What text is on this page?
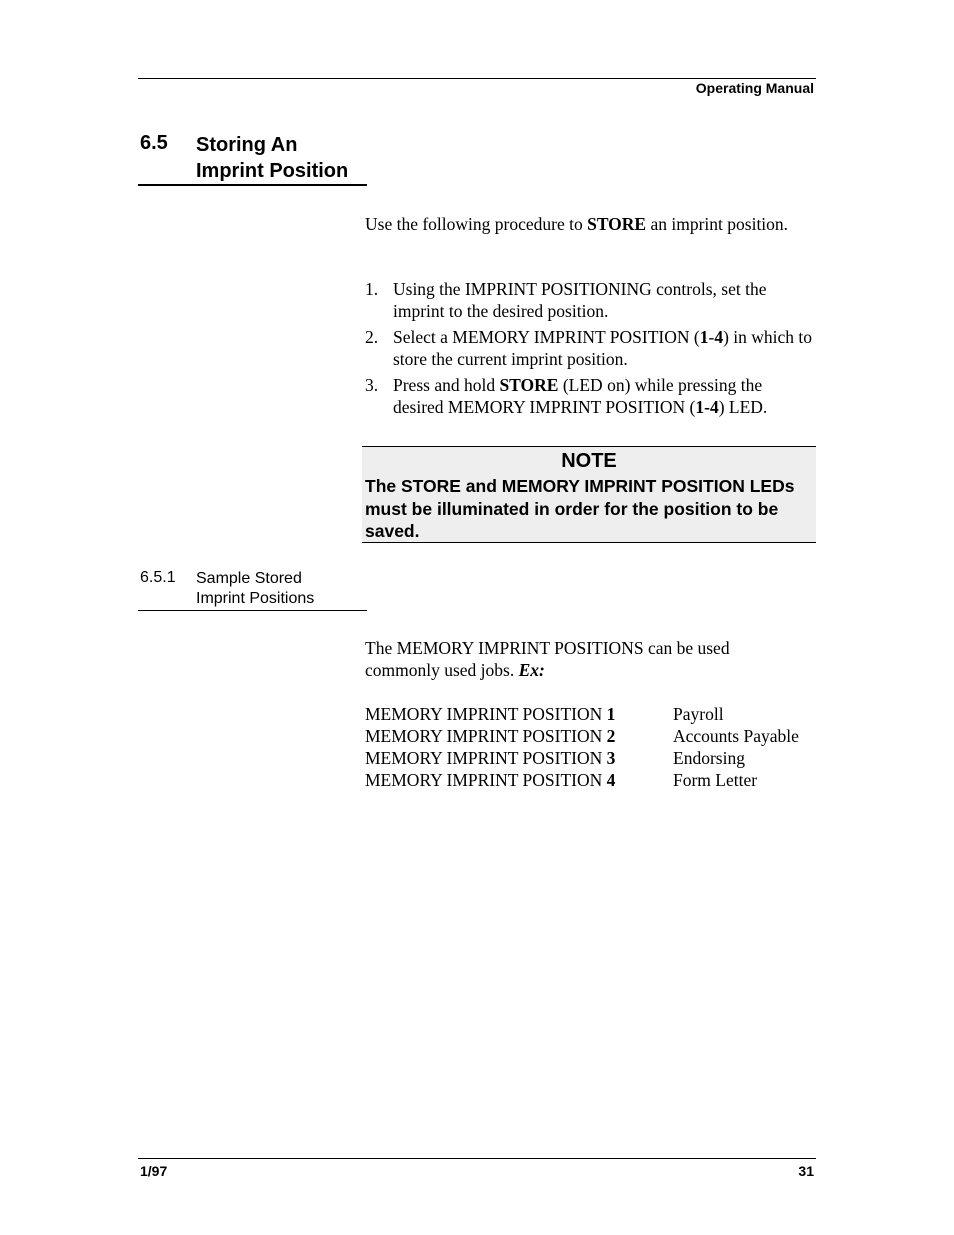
Operating Manual
6.5 Storing An
Imprint Position
Use the following procedure to STORE an imprint position.
1. Using the IMPRINT POSITIONING controls, set the imprint to the desired position.
2. Select a MEMORY IMPRINT POSITION (1-4) in which to store the current imprint position.
3. Press and hold STORE (LED on) while pressing the desired MEMORY IMPRINT POSITION (1-4) LED.
NOTE
The STORE and MEMORY IMPRINT POSITION LEDs must be illuminated in order for the position to be saved.
6.5.1 Sample Stored
Imprint Positions
The MEMORY IMPRINT POSITIONS can be used commonly used jobs. Ex:
MEMORY IMPRINT POSITION 1	Payroll
MEMORY IMPRINT POSITION 2	Accounts Payable
MEMORY IMPRINT POSITION 3	Endorsing
MEMORY IMPRINT POSITION 4	Form Letter
1/97	31
